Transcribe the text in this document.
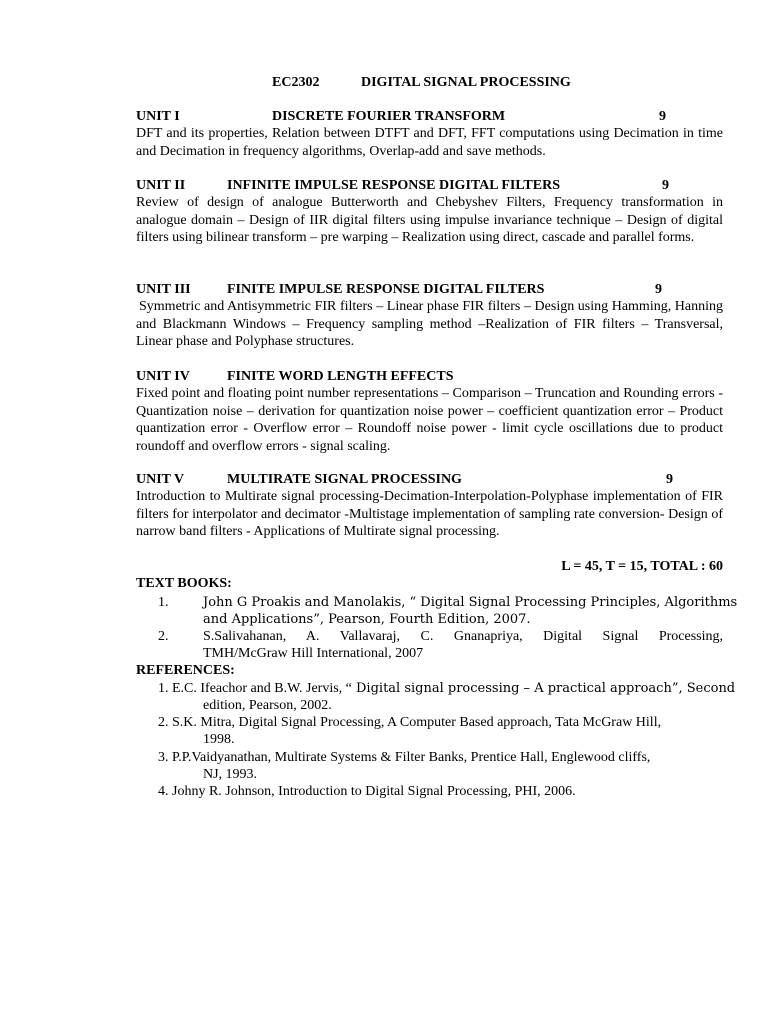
EC2302	DIGITAL SIGNAL PROCESSING
UNIT I	DISCRETE FOURIER TRANSFORM	9
DFT and its properties, Relation between DTFT and DFT, FFT computations using Decimation in time and Decimation in frequency algorithms, Overlap-add and save methods.
UNIT II	INFINITE IMPULSE RESPONSE DIGITAL FILTERS	9
Review of design of analogue Butterworth and Chebyshev Filters, Frequency transformation in analogue domain – Design of IIR digital filters using impulse invariance technique – Design of digital filters using bilinear transform – pre warping – Realization using direct, cascade and parallel forms.
UNIT III	FINITE IMPULSE RESPONSE DIGITAL FILTERS	9
Symmetric and Antisymmetric FIR filters – Linear phase FIR filters – Design using Hamming, Hanning and Blackmann Windows – Frequency sampling method –Realization of FIR filters – Transversal, Linear phase and Polyphase structures.
UNIT IV	FINITE WORD LENGTH EFFECTS
Fixed point and floating point number representations – Comparison – Truncation and Rounding errors - Quantization noise – derivation for quantization noise power – coefficient quantization error – Product quantization error - Overflow error – Roundoff noise power - limit cycle oscillations due to product roundoff and overflow errors - signal scaling.
UNIT V	MULTIRATE SIGNAL PROCESSING	9
Introduction to Multirate signal processing-Decimation-Interpolation-Polyphase implementation of FIR filters for interpolator and decimator -Multistage implementation of sampling rate conversion- Design of narrow band filters - Applications of Multirate signal processing.
L = 45, T = 15, TOTAL : 60
TEXT BOOKS:
1.	John G Proakis and Manolakis, “ Digital Signal Processing Principles, Algorithms
and Applications”, Pearson, Fourth Edition, 2007.
2. S.Salivahanan, A. Vallavaraj, C. Gnanapriya, Digital Signal Processing,
TMH/McGraw Hill International, 2007
REFERENCES:
1. E.C. Ifeachor and B.W. Jervis, “ Digital signal processing – A practical approach”, Second
edition, Pearson, 2002.
2. S.K. Mitra, Digital Signal Processing, A Computer Based approach, Tata McGraw Hill,
1998.
3. P.P.Vaidyanathan, Multirate Systems & Filter Banks, Prentice Hall, Englewood cliffs,
NJ, 1993.
4. Johny R. Johnson, Introduction to Digital Signal Processing, PHI, 2006.
